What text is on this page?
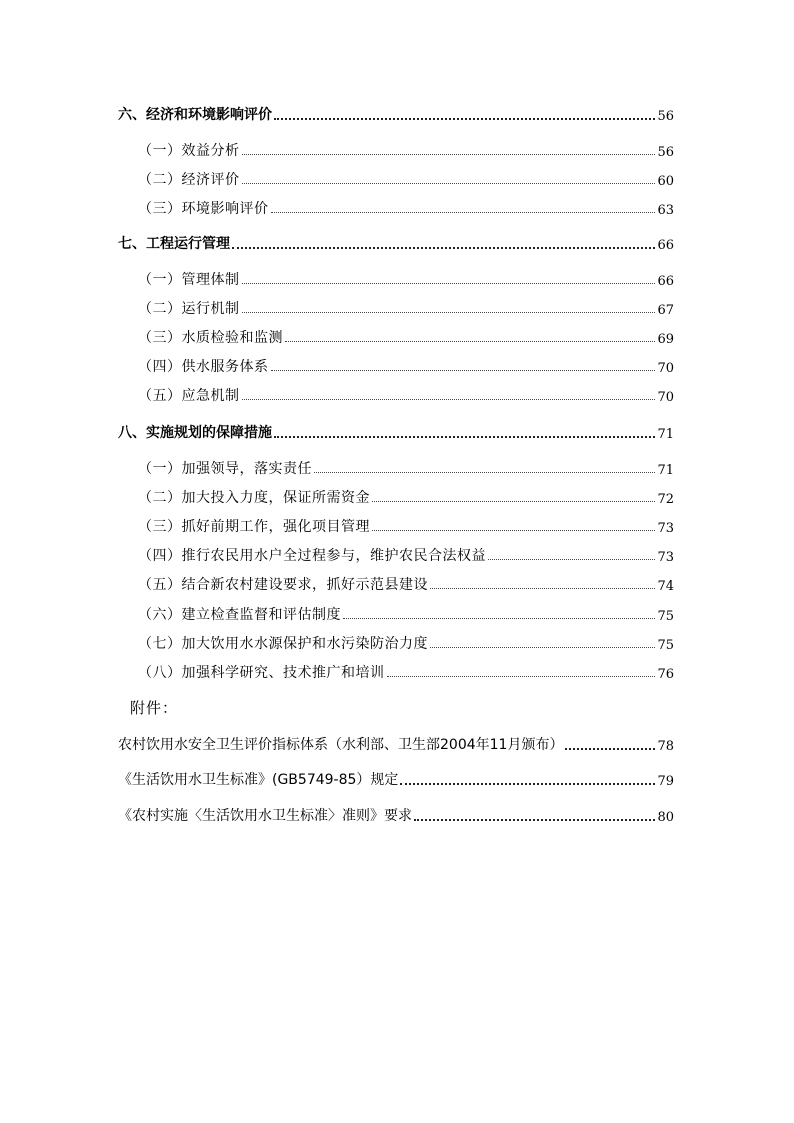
六、经济和环境影响评价	56
（一）效益分析	56
（二）经济评价	60
（三）环境影响评价	63
七、工程运行管理	66
（一）管理体制	66
（二）运行机制	67
（三）水质检验和监测	69
（四）供水服务体系	70
（五）应急机制	70
八、实施规划的保障措施	71
（一）加强领导，落实责任	71
（二）加大投入力度，保证所需资金	72
（三）抓好前期工作，强化项目管理	73
（四）推行农民用水户全过程参与，维护农民合法权益	73
（五）结合新农村建设要求，抓好示范县建设	74
（六）建立检查监督和评估制度	75
（七）加大饮用水水源保护和水污染防治力度	75
（八）加强科学研究、技术推广和培训	76
附件：
农村饮用水安全卫生评价指标体系（水利部、卫生部2004年11月颁布）	78
《生活饮用水卫生标准》(GB5749-85）规定	79
《农村实施〈生活饮用水卫生标准〉准则》要求	80
